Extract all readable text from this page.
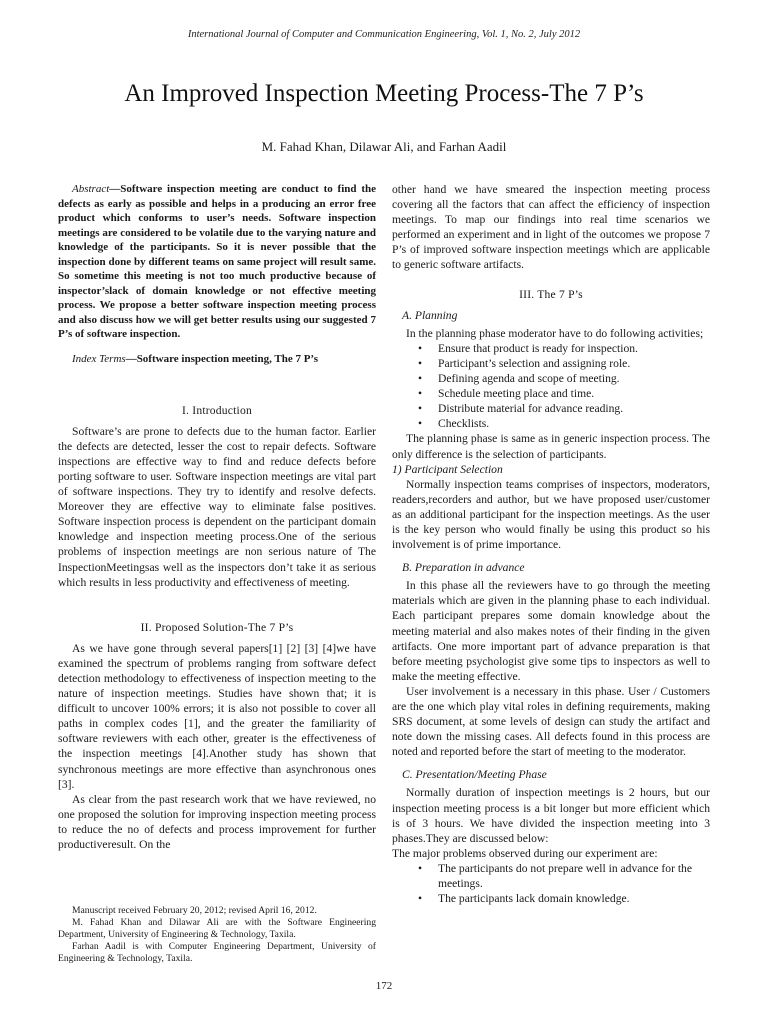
International Journal of Computer and Communication Engineering, Vol. 1, No. 2, July 2012
An Improved Inspection Meeting Process-The 7 P’s
M. Fahad Khan, Dilawar Ali, and Farhan Aadil

Abstract—Software inspection meeting are conduct to find the defects as early as possible and helps in a producing an error free product which conforms to user’s needs. Software inspection meetings are considered to be volatile due to the varying nature and knowledge of the participants. So it is never possible that the inspection done by different teams on same project will result same. So sometime this meeting is not too much productive because of inspector’slack of domain knowledge or not effective meeting process. We propose a better software inspection meeting process and also discuss how we will get better results using our suggested 7 P’s of software inspection.

Index Terms—Software inspection meeting, The 7 P’s

I. Introduction

Software’s are prone to defects due to the human factor. Earlier the defects are detected, lesser the cost to repair defects. Software inspections are effective way to find and reduce defects before porting software to user. Software inspection meetings are vital part of software inspections. They try to identify and resolve defects. Moreover they are effective way to eliminate false positives. Software inspection process is dependent on the participant domain knowledge and inspection meeting process.One of the serious problems of inspection meetings are non serious nature of The InspectionMeetingsas well as the inspectors don’t take it as serious which results in less productivity and effectiveness of meeting.

II. Proposed Solution-The 7 P’s

As we have gone through several papers[1] [2] [3] [4]we have examined the spectrum of problems ranging from software defect detection methodology to effectiveness of inspection meeting to the nature of inspection meetings. Studies have shown that; it is difficult to uncover 100% errors; it is also not possible to cover all paths in complex codes [1], and the greater the familiarity of software reviewers with each other, greater is the effectiveness of the inspection meetings [4].Another study has shown that synchronous meetings are more effective than asynchronous ones [3].

As clear from the past research work that we have reviewed, no one proposed the solution for improving inspection meeting process to reduce the no of defects and process improvement for further productiveresult. On the

other hand we have smeared the inspection meeting process covering all the factors that can affect the efficiency of inspection meetings. To map our findings into real time scenarios we performed an experiment and in light of the outcomes we propose 7 P’s of improved software inspection meetings which are applicable to generic software artifacts.

III. The 7 P’s
A. Planning

In the planning phase moderator have to do following activities;

• Ensure that product is ready for inspection.
• Participant’s selection and assigning role.
• Defining agenda and scope of meeting.
• Schedule meeting place and time.
• Distribute material for advance reading.
• Checklists.

The planning phase is same as in generic inspection process. The only difference is the selection of participants.

1) Participant Selection

Normally inspection teams comprises of inspectors, moderators, readers,recorders and author, but we have proposed user/customer as an additional participant for the inspection meetings. As the user is the key person who would finally be using this product so his involvement is of prime importance.

B. Preparation in advance

In this phase all the reviewers have to go through the meeting materials which are given in the planning phase to each individual. Each participant prepares some domain knowledge about the meeting material and also makes notes of their finding in the given artifacts. One more important part of advance preparation is that before meeting psychologist give some tips to inspectors as well to make the meeting effective.

User involvement is a necessary in this phase. User / Customers are the one which play vital roles in defining requirements, making SRS document, at some levels of design can study the artifact and note down the missing cases. All defects found in this process are noted and reported before the start of meeting to the moderator.

C. Presentation/Meeting Phase

Normally duration of inspection meetings is 2 hours, but our inspection meeting process is a bit longer but more efficient which is of 3 hours. We have divided the inspection meeting into 3 phases.They are discussed below:

The major problems observed during our experiment are:

• The participants do not prepare well in advance for the meetings.
• The participants lack domain knowledge.

Manuscript received February 20, 2012; revised April 16, 2012.

M. Fahad Khan and Dilawar Ali are with the Software Engineering Department, University of Engineering & Technology, Taxila.

Farhan Aadil is with Computer Engineering Department, University of Engineering & Technology, Taxila.

172
